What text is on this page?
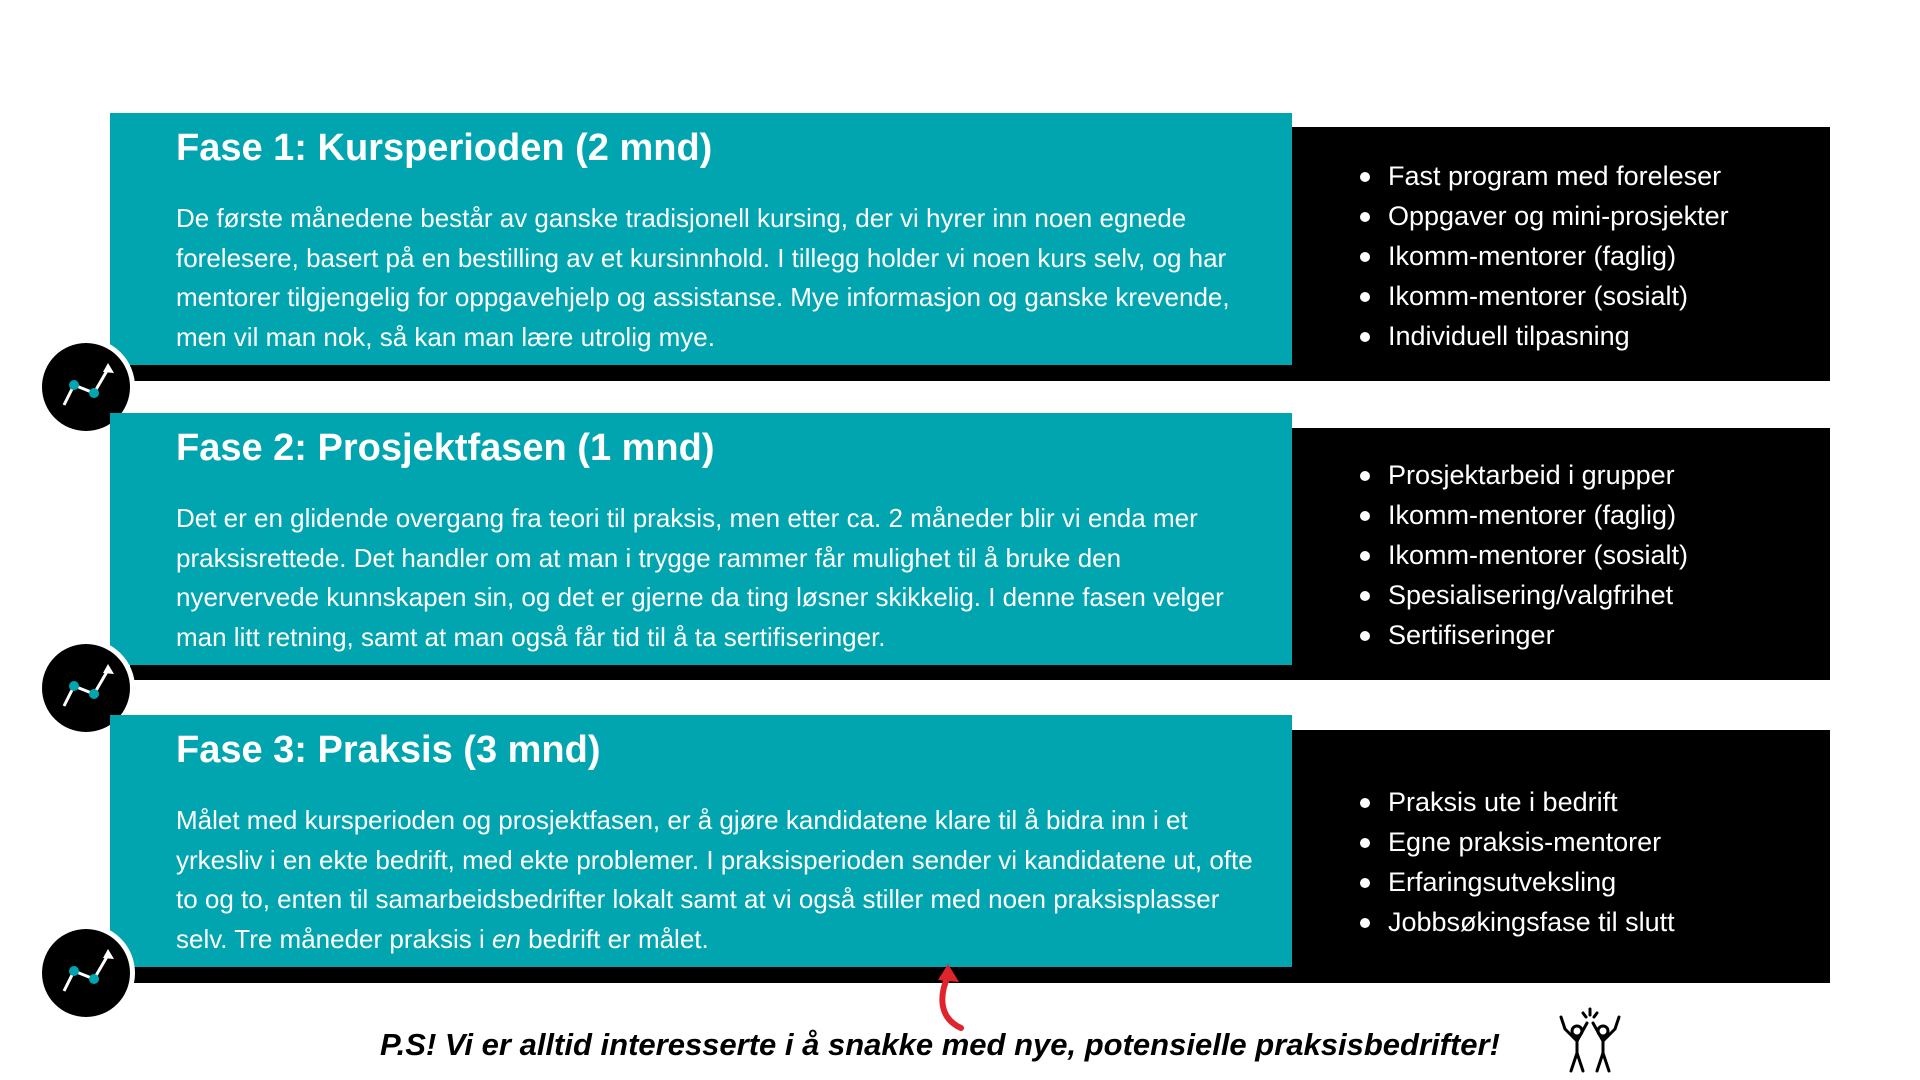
Fase 1: Kursperioden (2 mnd)
De første månedene består av ganske tradisjonell kursing, der vi hyrer inn noen egnede forelesere, basert på en bestilling av et kursinnhold. I tillegg holder vi noen kurs selv, og har mentorer tilgjengelig for oppgavehjelp og assistanse. Mye informasjon og ganske krevende, men vil man nok, så kan man lære utrolig mye.
Fast program med foreleser
Oppgaver og mini-prosjekter
Ikomm-mentorer (faglig)
Ikomm-mentorer (sosialt)
Individuell tilpasning
Fase 2: Prosjektfasen (1 mnd)
Det er en glidende overgang fra teori til praksis, men etter ca. 2 måneder blir vi enda mer praksisrettede. Det handler om at man i trygge rammer får mulighet til å bruke den nyervervede kunnskapen sin, og det er gjerne da ting løsner skikkelig. I denne fasen velger man litt retning, samt at man også får tid til å ta sertifiseringer.
Prosjektarbeid i grupper
Ikomm-mentorer (faglig)
Ikomm-mentorer (sosialt)
Spesialisering/valgfrihet
Sertifiseringer
Fase 3: Praksis (3 mnd)
Målet med kursperioden og prosjektfasen, er å gjøre kandidatene klare til å bidra inn i et yrkesliv i en ekte bedrift, med ekte problemer. I praksisperioden sender vi kandidatene ut, ofte to og to, enten til samarbeidsbedrifter lokalt samt at vi også stiller med noen praksisplasser selv. Tre måneder praksis i en bedrift er målet.
Praksis ute i bedrift
Egne praksis-mentorer
Erfaringsutveksling
Jobbsøkingsfase til slutt
P.S! Vi er alltid interesserte i å snakke med nye, potensielle praksisbedrifter!
